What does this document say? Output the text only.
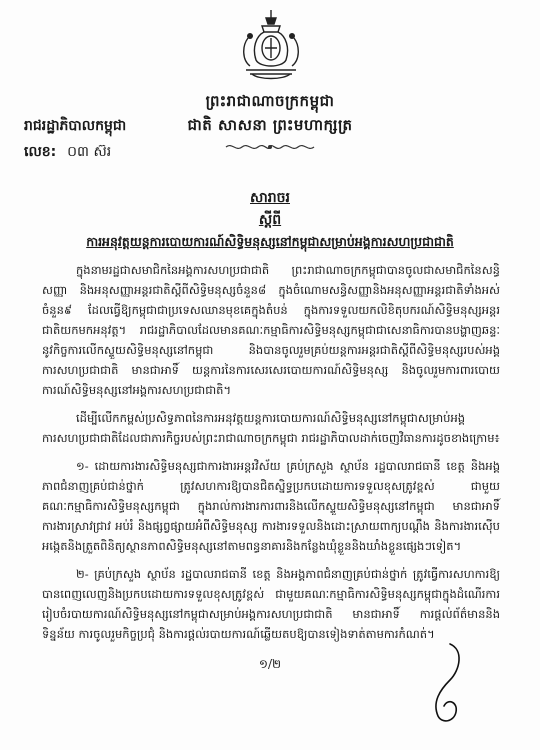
ព្រះរាជាណាចក្រកម្ពុជា
ជាតិ សាសនា ព្រះមហាក្សត្រ
រាជរដ្ឋាភិបាលកម្ពុជា
លេខ: ០៣ ស៊រ
សារាចរ
ស្តីពី
ការអនុវត្តយន្តការបោយការណ៍សិទ្ធិមនុស្សនៅកម្ពុជាសម្រាប់អង្គការសហប្រជាជាតិ

ក្នុងនាមរដ្ឋជាសមាជិកនៃអង្គការសហប្រជាជាតិ ព្រះរាជាណាចក្រកម្ពុជាបានចូលជាសមាជិកនៃសន្ធិសញ្ញា និងអនុសញ្ញាអន្តរជាតិស្តីពីសិទ្ធិមនុស្សចំនួន៨ ក្នុងចំណោមសន្ធិសញ្ញានិងអនុសញ្ញាអន្តរជាតិទាំងអស់ចំនួន៩ ដែលធ្វើឱ្យកម្ពុជាជាប្រទេសឈានមុខគេក្នុងតំបន់ ក្នុងការទទួលយកលិខិតុបករណ៍សិទ្ធិមនុស្សអន្តរជាតិយកមកអនុវត្ត។ រាជរដ្ឋាភិបាលដែលមានគណៈកម្មាធិការសិទ្ធិមនុស្សកម្ពុជាជាសេនាធិការបានបង្ហាញឆន្ទៈនូវកិច្ចការលើកស្ទួយសិទ្ធិមនុស្សនៅកម្ពុជា និងបានចូលរួមគ្រប់យន្តការអន្តរជាតិស្តីពីសិទ្ធិមនុស្សរបស់អង្គការសហប្រជាជាតិ មានជាអាទិ៍ យន្តការនៃការសេរសេរបោយការណ៍សិទ្ធិមនុស្ស និងចូលរួមការពារបោយការណ៍សិទ្ធិមនុស្សនៅអង្គការសហប្រជាជាតិ។

ដើម្បីលើកកម្ពស់ប្រសិទ្ធភាពនៃការអនុវត្តយន្តការបោយការណ៍សិទ្ធិមនុស្សនៅកម្ពុជាសម្រាប់អង្គការសហប្រជាជាតិដែលជាភារកិច្ចរបស់ព្រះរាជាណាចក្រកម្ពុជា រាជរដ្ឋាភិបាលដាក់ចេញវិធានការដូចខាងក្រោម៖

១- ដោយការងារសិទ្ធិមនុស្សជាការងារអន្តរវិស័យ គ្រប់ក្រសួង ស្ថាប័ន រដ្ឋបាលរាជធានី ខេត្ត និងអង្គភាពជំនាញគ្រប់ជាន់ថ្នាក់ ត្រូវសហការឱ្យបានជិតស្និទ្ធប្រកបដោយការទទួលខុសត្រូវខ្ពស់ ជាមួយគណៈកម្មាធិការសិទ្ធិមនុស្សកម្ពុជា ក្នុងរាល់ការងារការពារនិងលើកស្ទួយសិទ្ធិមនុស្សនៅកម្ពុជា មានជាអាទិ៍ ការងារស្រាវជ្រាវ អប់រំ និងផ្សព្វផ្សាយអំពីសិទ្ធិមនុស្ស ការងារទទួលនិងដោះស្រាយពាក្យបណ្តឹង និងការងារស៊ើបអង្កេតនិងត្រួតពិនិត្យស្ថានភាពសិទ្ធិមនុស្សនៅតាមពន្ធនាគារនិងកន្លែងឃុំខ្លួននិងឃាំងខ្លួនផ្សេងៗទៀត។

២- គ្រប់ក្រសួង ស្ថាប័ន រដ្ឋបាលរាជធានី ខេត្ត និងអង្គភាពជំនាញគ្រប់ជាន់ថ្នាក់ ត្រូវធ្វើការសហការឱ្យបានពេញលេញនិងប្រកបដោយការទទួលខុសត្រូវខ្ពស់ ជាមួយគណៈកម្មាធិការសិទ្ធិមនុស្សកម្ពុជាក្នុងដំណើរការរៀបចំរបាយការណ៍សិទ្ធិមនុស្សនៅកម្ពុជាសម្រាប់អង្គការសហប្រជាជាតិ មានជាអាទិ៍ ការផ្តល់ព័ត៌មាននិងទិន្នន័យ ការចូលរួមកិច្ចប្រជុំ និងការផ្តល់របាយការណ៍ឆ្លើយតបឱ្យបានទៀងទាត់តាមការកំណត់។

១/២
